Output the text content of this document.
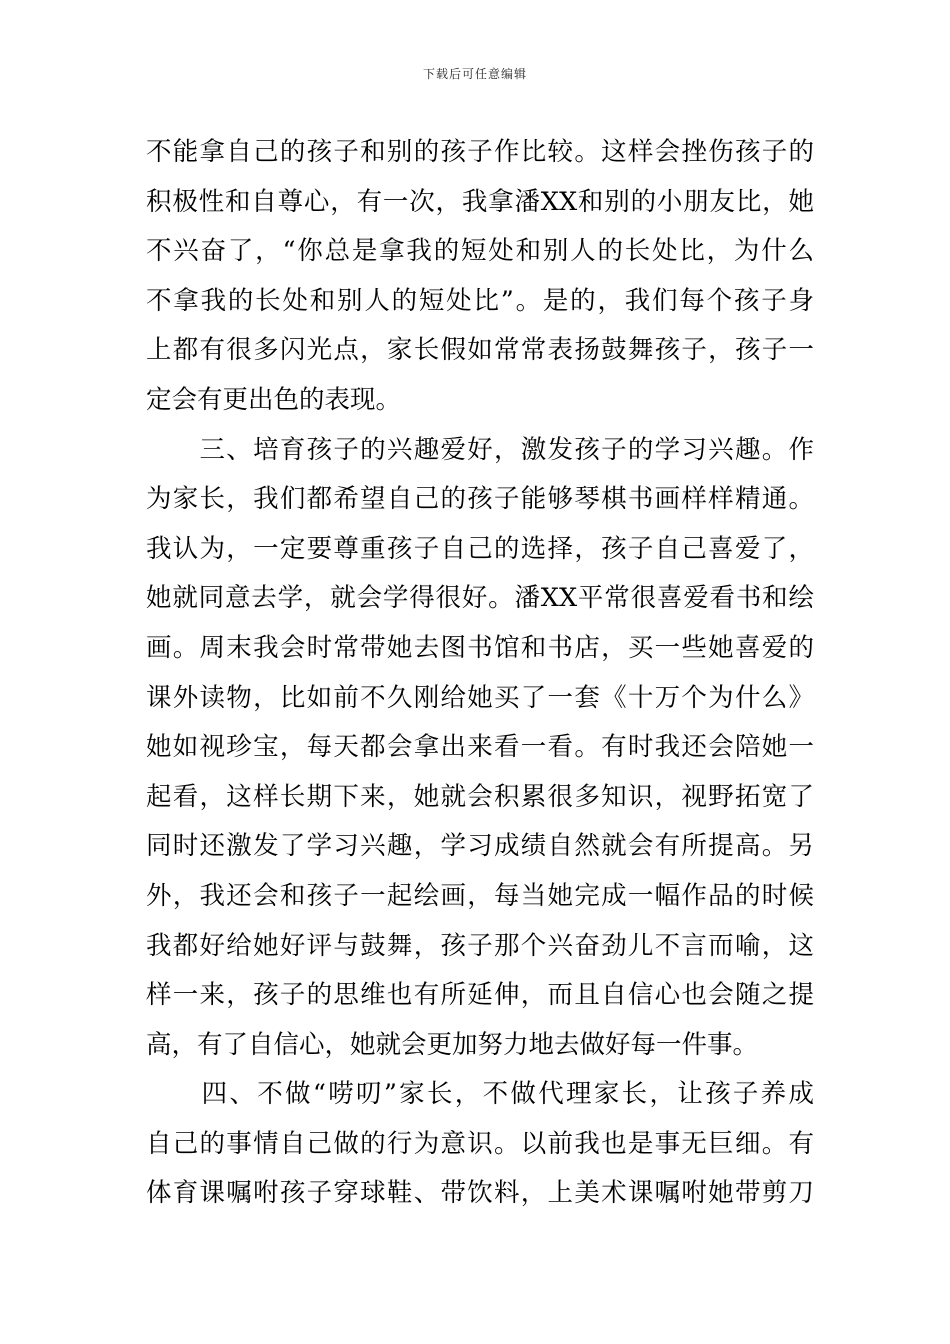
下载后可任意编辑
不能拿自己的孩子和别的孩子作比较。这样会挫伤孩子的
积极性和自尊心，有一次，我拿潘XX和别的小朋友比，她
不兴奋了，“你总是拿我的短处和别人的长处比，为什么
不拿我的长处和别人的短处比”。是的，我们每个孩子身
上都有很多闪光点，家长假如常常表扬鼓舞孩子，孩子一
定会有更出色的表现。
　　三、培育孩子的兴趣爱好，激发孩子的学习兴趣。作
为家长，我们都希望自己的孩子能够琴棋书画样样精通。
我认为，一定要尊重孩子自己的选择，孩子自己喜爱了，
她就同意去学，就会学得很好。潘XX平常很喜爱看书和绘
画。周末我会时常带她去图书馆和书店，买一些她喜爱的
课外读物，比如前不久刚给她买了一套《十万个为什么》
她如视珍宝，每天都会拿出来看一看。有时我还会陪她一
起看，这样长期下来，她就会积累很多知识，视野拓宽了
同时还激发了学习兴趣，学习成绩自然就会有所提高。另
外，我还会和孩子一起绘画，每当她完成一幅作品的时候
我都好给她好评与鼓舞，孩子那个兴奋劲儿不言而喻，这
样一来，孩子的思维也有所延伸，而且自信心也会随之提
高，有了自信心，她就会更加努力地去做好每一件事。
　　四、不做“唠叨”家长，不做代理家长，让孩子养成
自己的事情自己做的行为意识。以前我也是事无巨细。有
体育课嘱咐孩子穿球鞋、带饮料，上美术课嘱咐她带剪刀
